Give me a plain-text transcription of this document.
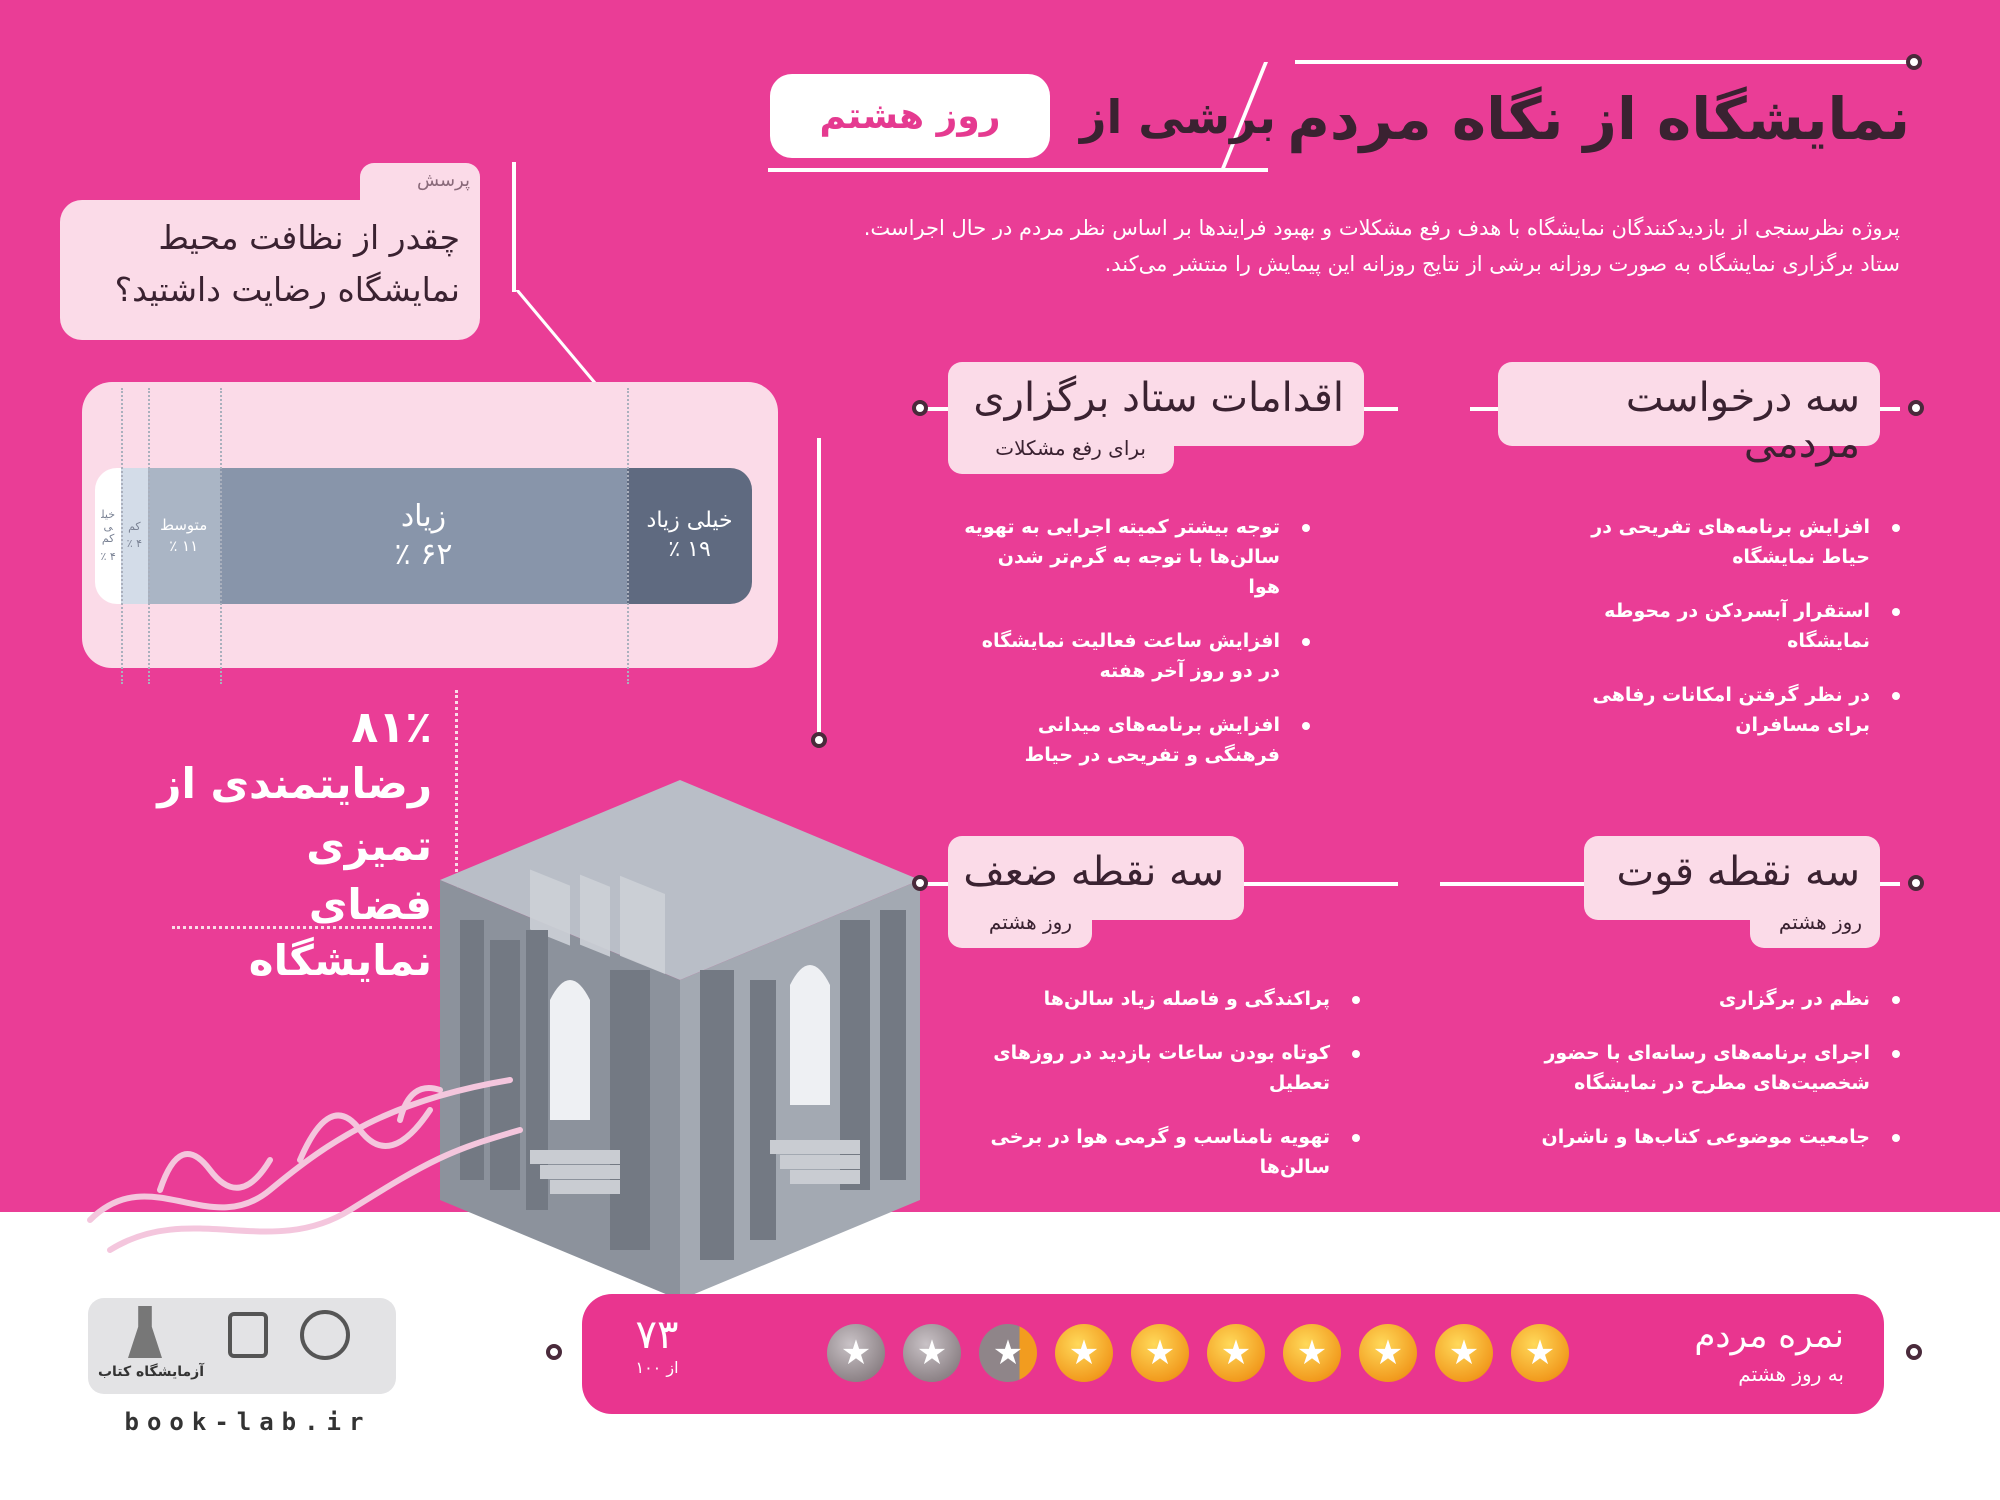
نمایشگاه از نگاه مردم
برشی از
روز هشتم
پروژه نظرسنجی از بازدیدکنندگان نمایشگاه با هدف رفع مشکلات و بهبود فرایندها بر اساس نظر مردم در حال اجراست.
ستاد برگزاری نمایشگاه به صورت روزانه برشی از نتایج روزانه این پیمایش را منتشر می‌کند.
پرسش
چقدر از نظافت محیط
نمایشگاه رضایت داشتید؟
خیلی زیاد
۱۹ ٪
زیاد
۶۲ ٪
متوسط
۱۱ ٪
کم
۴ ٪
خیلی کم
۴ ٪
۸۱٪
رضایتمندی از تمیزی
فضای نمایشگاه
سه درخواست مردمی
افزایش برنامه‌های تفریحی در حیاط نمایشگاه
استقرار آبسردکن در محوطه نمایشگاه
در نظر گرفتن امکانات رفاهی برای مسافران
اقدامات ستاد برگزاری
برای رفع مشکلات
توجه بیشتر کمیته اجرایی به تهویه سالن‌ها با توجه به گرم‌تر شدن هوا
افزایش ساعت فعالیت نمایشگاه در دو روز آخر هفته
افزایش برنامه‌های میدانی فرهنگی و تفریحی در حیاط
سه نقطه قوت
روز هشتم
نظم در برگزاری
اجرای برنامه‌های رسانه‌ای با حضور شخصیت‌های مطرح در نمایشگاه
جامعیت موضوعی کتاب‌ها و ناشران
سه نقطه ضعف
روز هشتم
پراکندگی و فاصله زیاد سالن‌ها
کوتاه بودن ساعات بازدید در روزهای تعطیل
تهویه نامناسب و گرمی هوا در برخی سالن‌ها
آزمایشگاه کتاب
book-lab.ir
نمره مردم
به روز هشتم
★
★
★
★
★
★
★
★
★
★
۷۳
از ۱۰۰
